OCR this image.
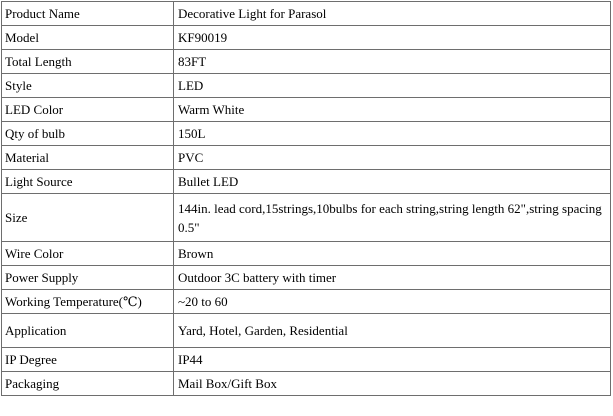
Product Name	Decorative Light for Parasol
Model	KF90019
Total Length	83FT
Style	LED
LED Color	Warm White
Qty of bulb	150L
Material	PVC
Light Source	Bullet LED
Size	144in. lead cord,15strings,10bulbs for each string,string length 62",string spacing 0.5"
Wire Color	Brown
Power Supply	Outdoor 3C battery with timer
Working Temperature(℃)	~20 to 60
Application	Yard, Hotel, Garden, Residential
IP Degree	IP44
Packaging	Mail Box/Gift Box
